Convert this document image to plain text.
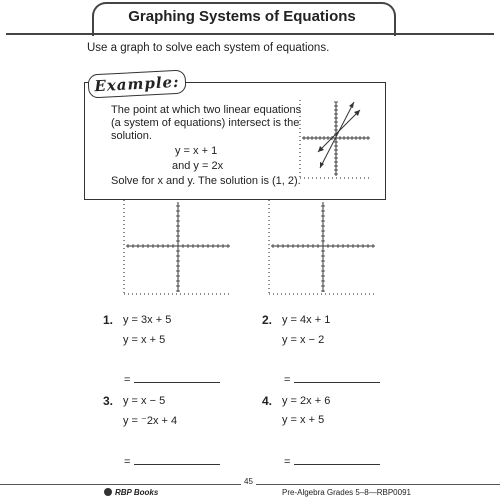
Graphing Systems of Equations
Use a graph to solve each system of equations.
Example:
The point at which two linear equations
(a system of equations) intersect is the
solution.
y = x + 1
and y = 2x
Solve for x and y. The solution is (1, 2).
1. y = 3x + 5
y = x + 5
=
2. y = 4x + 1
y = x − 2
=
3. y = x − 5
y = ⁻2x + 4
=
4. y = 2x + 6
y = x + 5
=
45
RBP Books	Pre-Algebra Grades 5–8—RBP0091
